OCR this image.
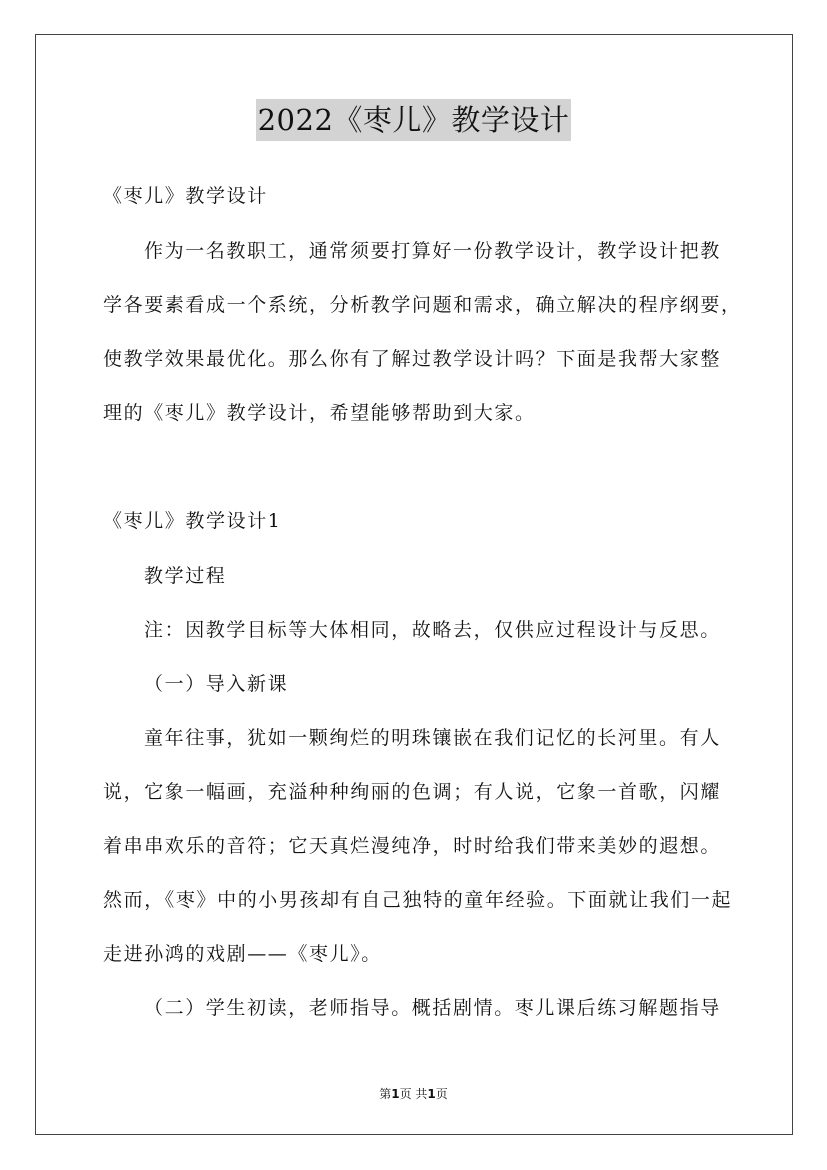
2022《枣儿》教学设计
《枣儿》教学设计
作为一名教职工，通常须要打算好一份教学设计，教学设计把教
学各要素看成一个系统，分析教学问题和需求，确立解决的程序纲要，
使教学效果最优化。那么你有了解过教学设计吗？下面是我帮大家整
理的《枣儿》教学设计，希望能够帮助到大家。
《枣儿》教学设计1
教学过程
注：因教学目标等大体相同，故略去，仅供应过程设计与反思。
（一）导入新课
童年往事，犹如一颗绚烂的明珠镶嵌在我们记忆的长河里。有人
说，它象一幅画，充溢种种绚丽的色调；有人说，它象一首歌，闪耀
着串串欢乐的音符；它天真烂漫纯净，时时给我们带来美妙的遐想。
然而，《枣》中的小男孩却有自己独特的童年经验。下面就让我们一起
走进孙鸿的戏剧——《枣儿》。
（二）学生初读，老师指导。概括剧情。枣儿课后练习解题指导
第1页 共1页
